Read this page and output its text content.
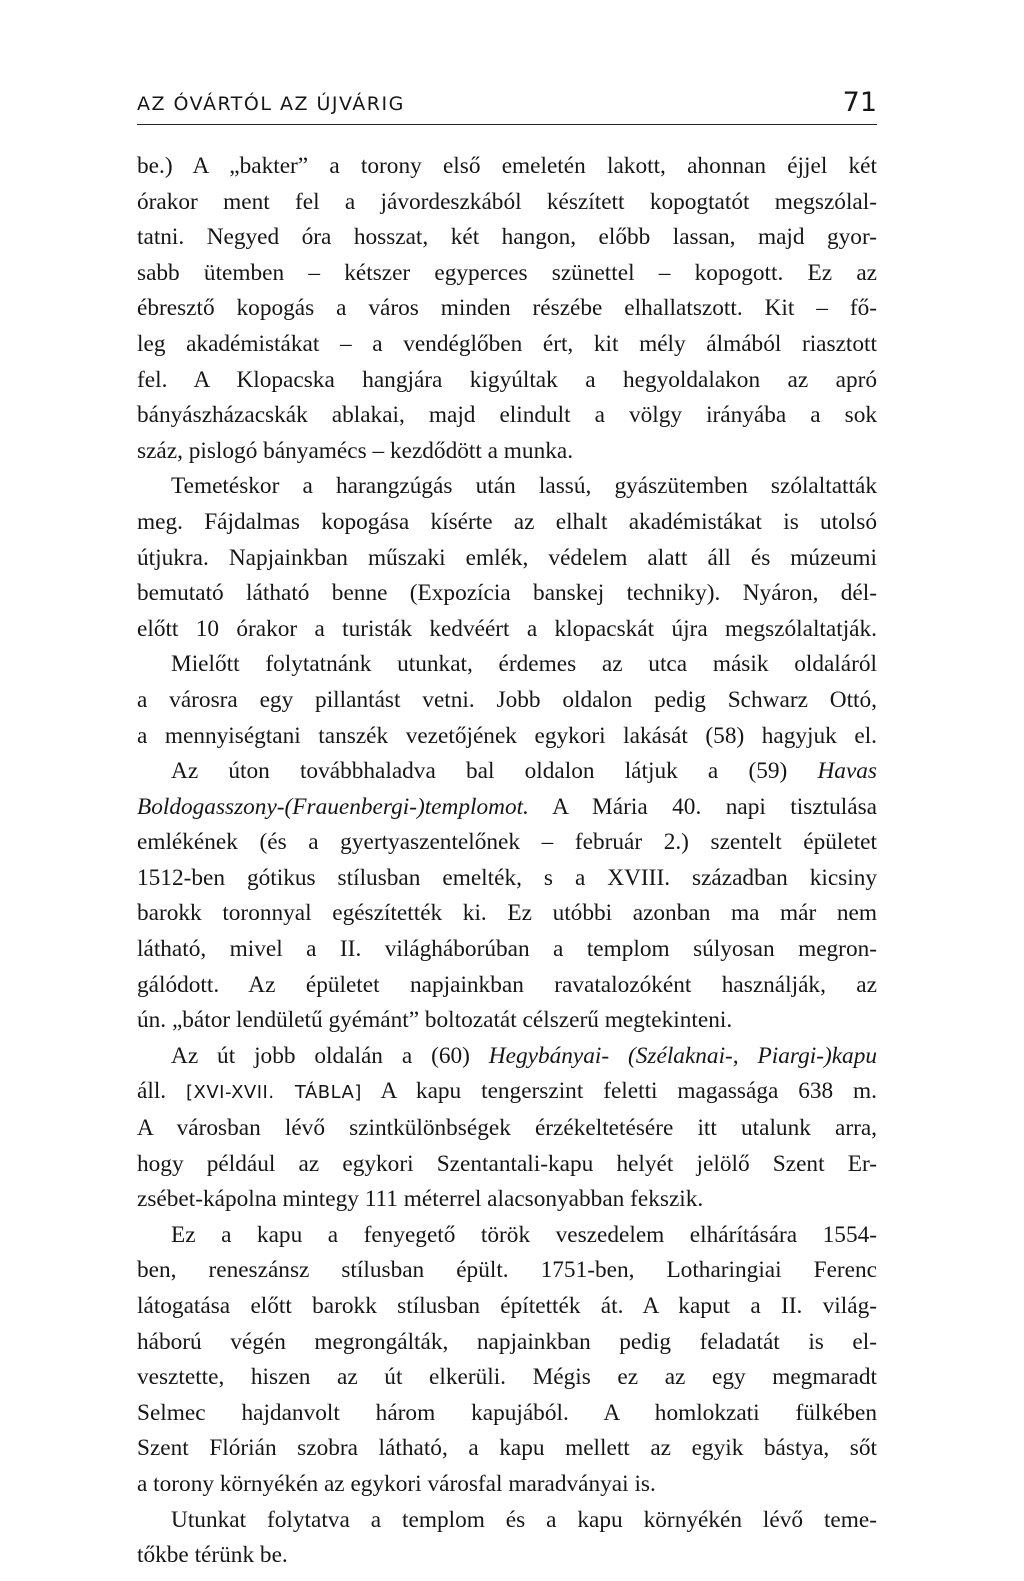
AZ ÓVÁRTÓL AZ ÚJVÁRIG	71

be.) A „bakter” a torony első emeletén lakott, ahonnan éjjel két
órakor ment fel a jávordeszkából készített kopogtatót megszólal-
tatni. Negyed óra hosszat, két hangon, előbb lassan, majd gyor-
sabb ütemben – kétszer egyperces szünettel – kopogott. Ez az
ébresztő kopogás a város minden részébe elhallatszott. Kit – fő-
leg akadémistákat – a vendéglőben ért, kit mély álmából riasztott
fel. A Klopacska hangjára kigyúltak a hegyoldalakon az apró
bányászházacskák ablakai, majd elindult a völgy irányába a sok
száz, pislogó bányamécs – kezdődött a munka.

Temetéskor a harangzúgás után lassú, gyászütemben szólaltatták
meg. Fájdalmas kopogása kísérte az elhalt akadémistákat is utolsó
útjukra. Napjainkban műszaki emlék, védelem alatt áll és múzeumi
bemutató látható benne (Expozícia banskej techniky). Nyáron, dél-
előtt 10 órakor a turisták kedvéért a klopacskát újra megszólaltatják.

Mielőtt folytatnánk utunkat, érdemes az utca másik oldaláról
a városra egy pillantást vetni. Jobb oldalon pedig Schwarz Ottó,
a mennyiségtani tanszék vezetőjének egykori lakását (58) hagyjuk el.

Az úton továbbhaladva bal oldalon látjuk a (59) Havas
Boldogasszony-(Frauenbergi-)templomot. A Mária 40. napi tisztulása
emlékének (és a gyertyaszentelőnek – február 2.) szentelt épületet
1512-ben gótikus stílusban emelték, s a XVIII. században kicsiny
barokk toronnyal egészítették ki. Ez utóbbi azonban ma már nem
látható, mivel a II. világháborúban a templom súlyosan megron-
gálódott. Az épületet napjainkban ravatalozóként használják, az
ún. „bátor lendületű gyémánt” boltozatát célszerű megtekinteni.

Az út jobb oldalán a (60) Hegybányai- (Szélaknai-, Piargi-)kapu
áll. [XVI-XVII. TÁBLA] A kapu tengerszint feletti magassága 638 m.
A városban lévő szintkülönbségek érzékeltetésére itt utalunk arra,
hogy például az egykori Szentantali-kapu helyét jelölő Szent Er-
zsébet-kápolna mintegy 111 méterrel alacsonyabban fekszik.

Ez a kapu a fenyegető török veszedelem elhárítására 1554-
ben, reneszánsz stílusban épült. 1751-ben, Lotharingiai Ferenc
látogatása előtt barokk stílusban építették át. A kaput a II. világ-
háború végén megrongálták, napjainkban pedig feladatát is el-
vesztette, hiszen az út elkerüli. Mégis ez az egy megmaradt
Selmec hajdanvolt három kapujából. A homlokzati fülkében
Szent Flórián szobra látható, a kapu mellett az egyik bástya, sőt
a torony környékén az egykori városfal maradványai is.

Utunkat folytatva a templom és a kapu környékén lévő teme-
tőkbe térünk be.
